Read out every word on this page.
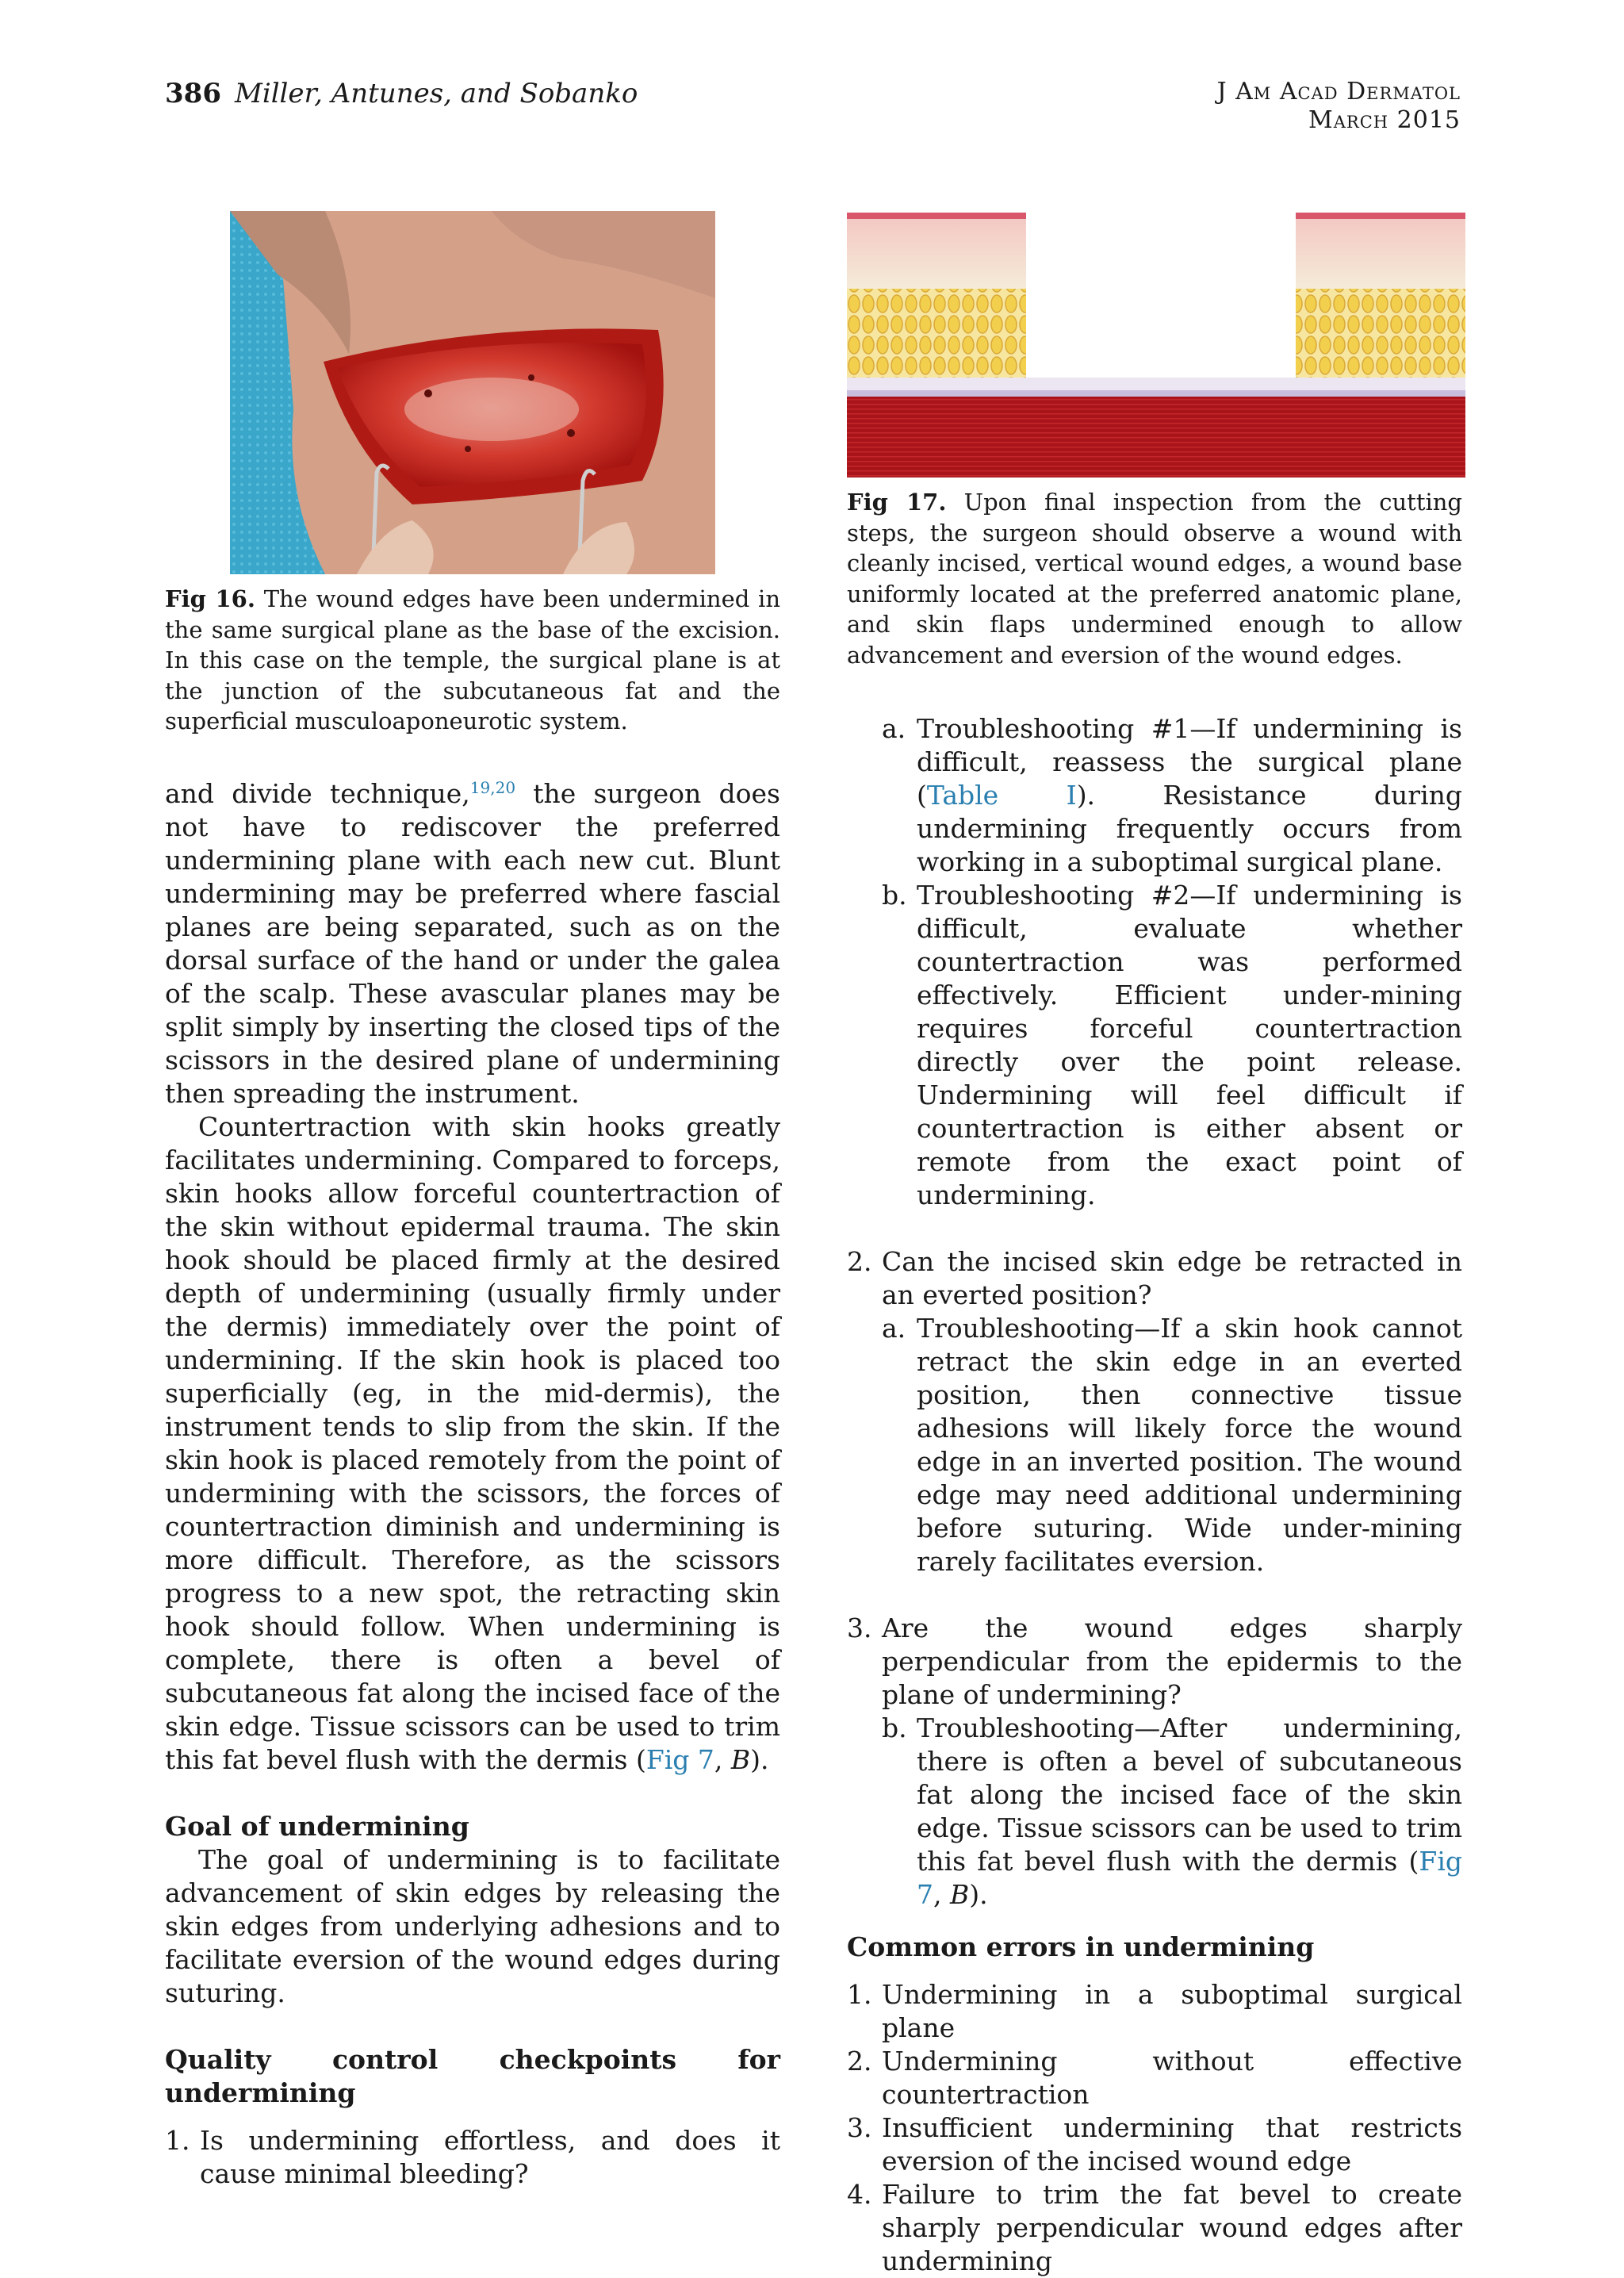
386 Miller, Antunes, and Sobanko	J Am Acad Dermatol
March 2015
Fig 16. The wound edges have been undermined in the same surgical plane as the base of the excision. In this case on the temple, the surgical plane is at the junction of the subcutaneous fat and the superficial musculoaponeurotic system.
Fig 17. Upon final inspection from the cutting steps, the surgeon should observe a wound with cleanly incised, vertical wound edges, a wound base uniformly located at the preferred anatomic plane, and skin flaps undermined enough to allow advancement and eversion of the wound edges.

and divide technique,$^{19,20}$ the surgeon does not have to rediscover the preferred undermining plane with each new cut. Blunt undermining may be preferred where fascial planes are being separated, such as on the dorsal surface of the hand or under the galea of the scalp. These avascular planes may be split simply by inserting the closed tips of the scissors in the desired plane of undermining then spreading the instrument.

Countertraction with skin hooks greatly facilitates undermining. Compared to forceps, skin hooks allow forceful countertraction of the skin without epidermal trauma. The skin hook should be placed firmly at the desired depth of undermining (usually firmly under the dermis) immediately over the point of undermining. If the skin hook is placed too superficially (eg, in the mid-dermis), the instrument tends to slip from the skin. If the skin hook is placed remotely from the point of undermining with the scissors, the forces of countertraction diminish and undermining is more difficult. Therefore, as the scissors progress to a new spot, the retracting skin hook should follow. When undermining is complete, there is often a bevel of subcutaneous fat along the incised face of the skin edge. Tissue scissors can be used to trim this fat bevel flush with the dermis (Fig 7, B).

Goal of undermining

The goal of undermining is to facilitate advancement of skin edges by releasing the skin edges from underlying adhesions and to facilitate eversion of the wound edges during suturing.

Quality control checkpoints for undermining
1. Is undermining effortless, and does it cause minimal bleeding?
a. Troubleshooting #1—If undermining is difficult, reassess the surgical plane (Table I). Resistance during undermining frequently occurs from working in a suboptimal surgical plane.
b. Troubleshooting #2—If undermining is difficult, evaluate whether countertraction was performed effectively. Efficient under-mining requires forceful countertraction directly over the point release. Undermining will feel difficult if countertraction is either absent or remote from the exact point of undermining.
2. Can the incised skin edge be retracted in an everted position?
a. Troubleshooting—If a skin hook cannot retract the skin edge in an everted position, then connective tissue adhesions will likely force the wound edge in an inverted position. The wound edge may need additional undermining before suturing. Wide under-mining rarely facilitates eversion.
3. Are the wound edges sharply perpendicular from the epidermis to the plane of undermining?
b. Troubleshooting—After undermining, there is often a bevel of subcutaneous fat along the incised face of the skin edge. Tissue scissors can be used to trim this fat bevel flush with the dermis (Fig 7, B).
Common errors in undermining
1. Undermining in a suboptimal surgical plane
2. Undermining without effective countertraction
3. Insufficient undermining that restricts eversion of the incised wound edge
4. Failure to trim the fat bevel to create sharply perpendicular wound edges after undermining
